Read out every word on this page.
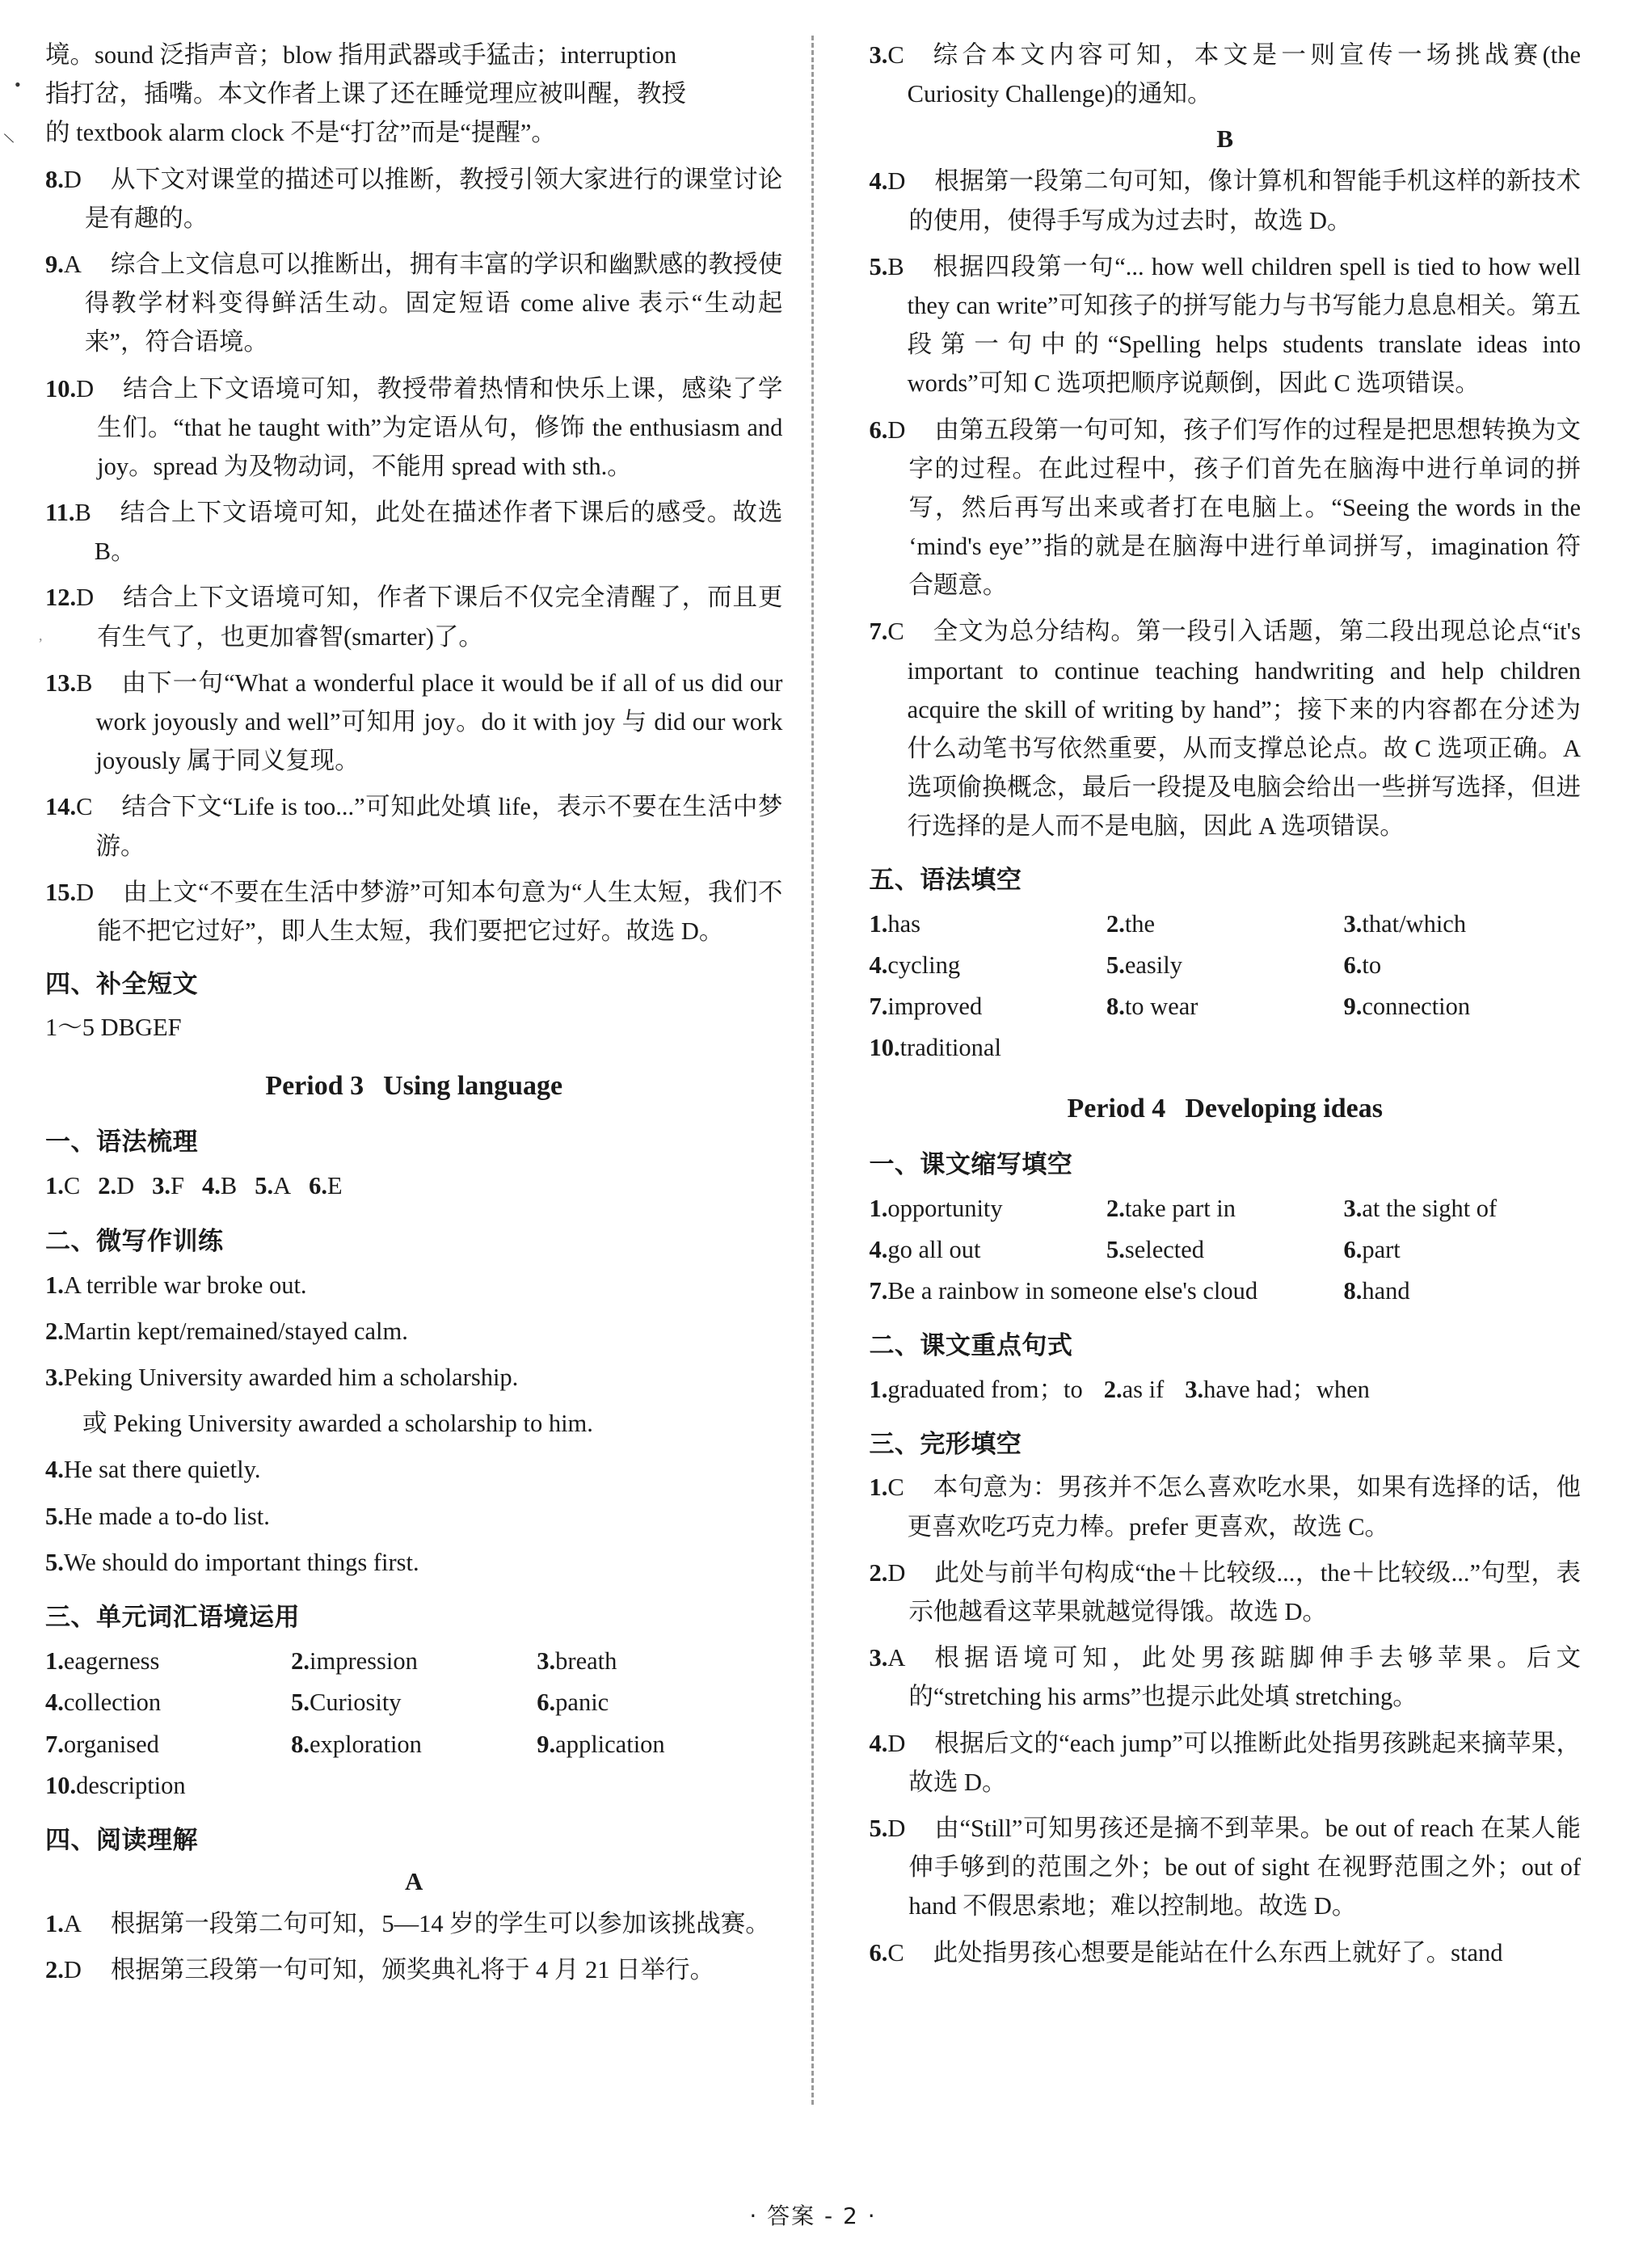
•
\
,
境。sound 泛指声音；blow 指用武器或手猛击；interruption
指打岔，插嘴。本文作者上课了还在睡觉理应被叫醒，教授
的 textbook alarm clock 不是“打岔”而是“提醒”。
8.D	从下文对课堂的描述可以推断，教授引领大家进行的课堂讨论是有趣的。
9.A	综合上文信息可以推断出，拥有丰富的学识和幽默感的教授使得教学材料变得鲜活生动。固定短语 come alive 表示“生动起来”，符合语境。
10.D	结合上下文语境可知，教授带着热情和快乐上课，感染了学生们。“that he taught with”为定语从句，修饰 the enthusiasm and joy。spread 为及物动词，不能用 spread with sth.。
11.B	结合上下文语境可知，此处在描述作者下课后的感受。故选 B。
12.D	结合上下文语境可知，作者下课后不仅完全清醒了，而且更有生气了，也更加睿智(smarter)了。
13.B	由下一句“What a wonderful place it would be if all of us did our work joyously and well”可知用 joy。do it with joy 与 did our work joyously 属于同义复现。
14.C	结合下文“Life is too...”可知此处填 life，表示不要在生活中梦游。
15.D	由上文“不要在生活中梦游”可知本句意为“人生太短，我们不能不把它过好”，即人生太短，我们要把它过好。故选 D。
四、补全短文
1～5 DBGEF
Period 3 Using language
一、语法梳理
1.C 2.D 3.F 4.B 5.A 6.E
二、微写作训练
1.A terrible war broke out.
2.Martin kept/remained/stayed calm.
3.Peking University awarded him a scholarship.
或 Peking University awarded a scholarship to him.
4.He sat there quietly.
5.He made a to-do list.
5.We should do important things first.
三、单元词汇语境运用
1.eagerness	2.impression	3.breath
4.collection	5.Curiosity	6.panic
7.organised	8.exploration	9.application
10.description
四、阅读理解
A
1.A	根据第一段第二句可知，5—14 岁的学生可以参加该挑战赛。
2.D	根据第三段第一句可知，颁奖典礼将于 4 月 21 日举行。
3.C	综合本文内容可知，本文是一则宣传一场挑战赛(the Curiosity Challenge)的通知。
B
4.D	根据第一段第二句可知，像计算机和智能手机这样的新技术的使用，使得手写成为过去时，故选 D。
5.B	根据四段第一句“... how well children spell is tied to how well they can write”可知孩子的拼写能力与书写能力息息相关。第五段第一句中的“Spelling helps students translate ideas into words”可知 C 选项把顺序说颠倒，因此 C 选项错误。
6.D	由第五段第一句可知，孩子们写作的过程是把思想转换为文字的过程。在此过程中，孩子们首先在脑海中进行单词的拼写，然后再写出来或者打在电脑上。“Seeing the words in the ‘mind's eye’”指的就是在脑海中进行单词拼写，imagination 符合题意。
7.C	全文为总分结构。第一段引入话题，第二段出现总论点“it's important to continue teaching handwriting and help children acquire the skill of writing by hand”；接下来的内容都在分述为什么动笔书写依然重要，从而支撑总论点。故 C 选项正确。A 选项偷换概念，最后一段提及电脑会给出一些拼写选择，但进行选择的是人而不是电脑，因此 A 选项错误。
五、语法填空
1.has	2.the	3.that/which
4.cycling	5.easily	6.to
7.improved	8.to wear	9.connection
10.traditional
Period 4 Developing ideas
一、课文缩写填空
1.opportunity	2.take part in	3.at the sight of
4.go all out	5.selected	6.part
7.Be a rainbow in someone else's cloud	8.hand
二、课文重点句式
1.graduated from；to 2.as if 3.have had；when
三、完形填空
1.C	本句意为：男孩并不怎么喜欢吃水果，如果有选择的话，他更喜欢吃巧克力棒。prefer 更喜欢，故选 C。
2.D	此处与前半句构成“the＋比较级...，the＋比较级...”句型，表示他越看这苹果就越觉得饿。故选 D。
3.A	根据语境可知，此处男孩踮脚伸手去够苹果。后文的“stretching his arms”也提示此处填 stretching。
4.D	根据后文的“each jump”可以推断此处指男孩跳起来摘苹果，故选 D。
5.D	由“Still”可知男孩还是摘不到苹果。be out of reach 在某人能伸手够到的范围之外；be out of sight 在视野范围之外；out of hand 不假思索地；难以控制地。故选 D。
6.C	此处指男孩心想要是能站在什么东西上就好了。stand
· 答案 - 2 ·
